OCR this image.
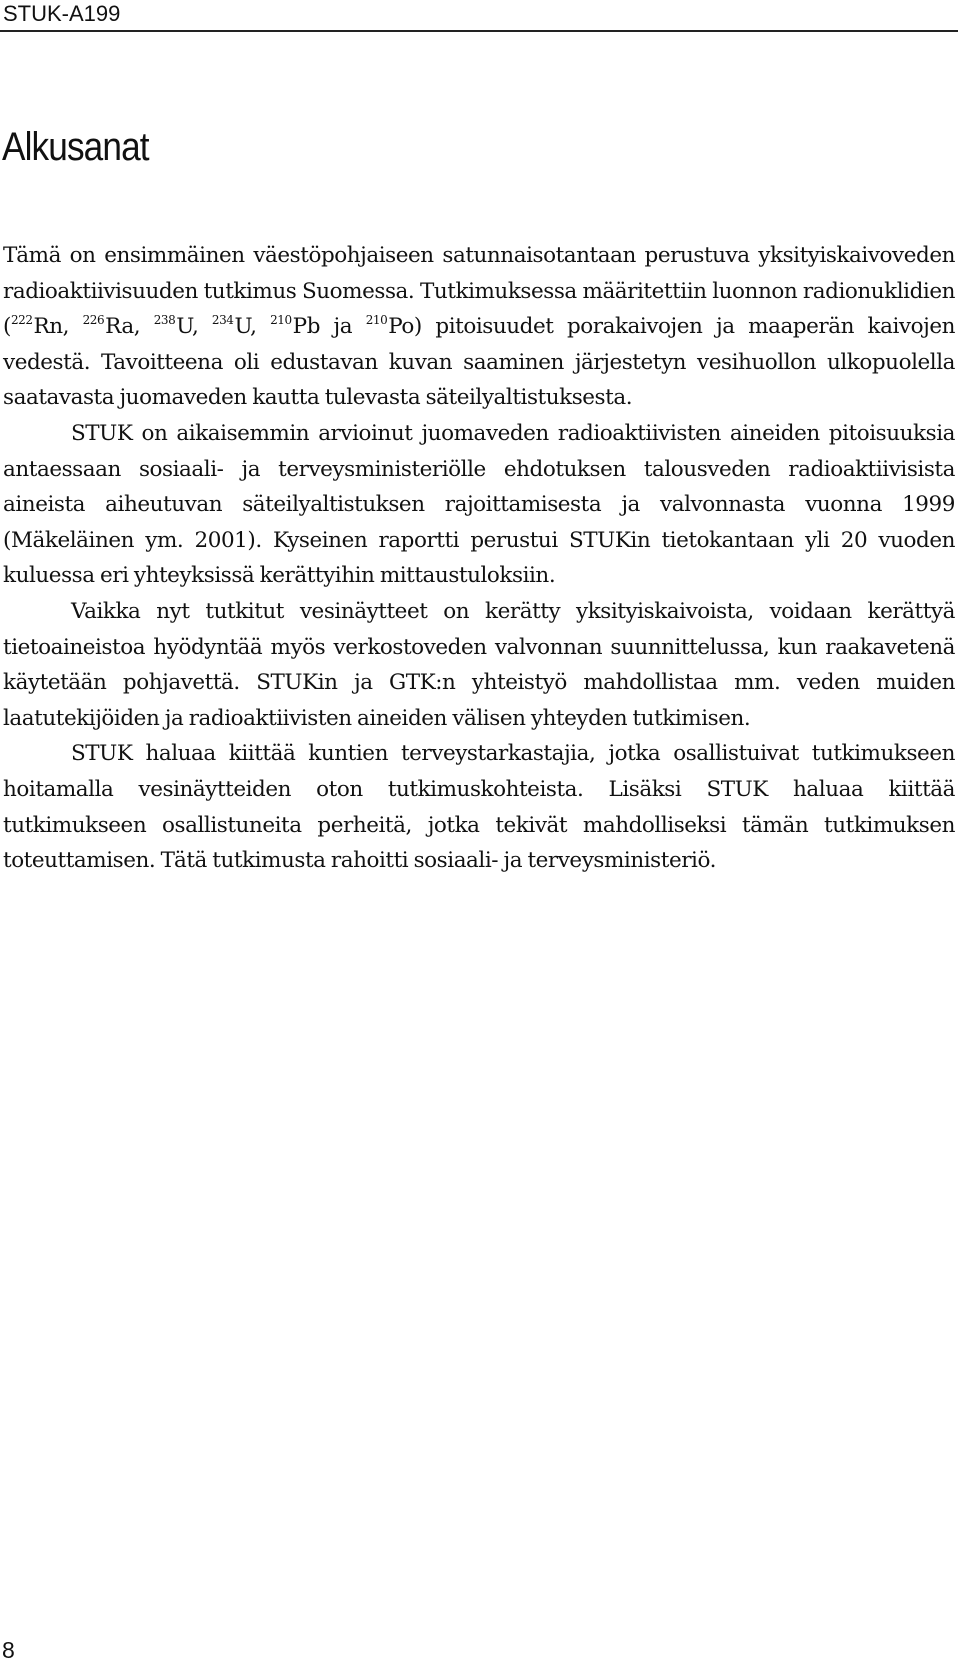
STUK-A199
Alkusanat

Tämä on ensimmäinen väestöpohjaiseen satunnaisotantaan perustuva yksityiskaivoveden radioaktiivisuuden tutkimus Suomessa. Tutkimuksessa määritettiin luonnon radionuklidien ($^{222}$Rn, $^{226}$Ra, $^{238}$U, $^{234}$U, $^{210}$Pb ja $^{210}$Po) pitoisuudet porakaivojen ja maaperän kaivojen vedestä. Tavoitteena oli edustavan kuvan saaminen järjestetyn vesihuollon ulkopuolella saatavasta juomaveden kautta tulevasta säteilyaltistuksesta.

STUK on aikaisemmin arvioinut juomaveden radioaktiivisten aineiden pitoisuuksia antaessaan sosiaali- ja terveysministeriölle ehdotuksen talousveden radioaktiivisista aineista aiheutuvan säteilyaltistuksen rajoittamisesta ja valvonnasta vuonna 1999 (Mäkeläinen ym. 2001). Kyseinen raportti perustui STUKin tietokantaan yli 20 vuoden kuluessa eri yhteyksissä kerättyihin mittaustuloksiin.

Vaikka nyt tutkitut vesinäytteet on kerätty yksityiskaivoista, voidaan kerättyä tietoaineistoa hyödyntää myös verkostoveden valvonnan suunnittelussa, kun raakavetenä käytetään pohjavettä. STUKin ja GTK:n yhteistyö mahdollistaa mm. veden muiden laatutekijöiden ja radioaktiivisten aineiden välisen yhteyden tutkimisen.

STUK haluaa kiittää kuntien terveystarkastajia, jotka osallistuivat tutkimukseen hoitamalla vesinäytteiden oton tutkimuskohteista. Lisäksi STUK haluaa kiittää tutkimukseen osallistuneita perheitä, jotka tekivät mahdolliseksi tämän tutkimuksen toteuttamisen. Tätä tutkimusta rahoitti sosiaali- ja terveysministeriö.

8
